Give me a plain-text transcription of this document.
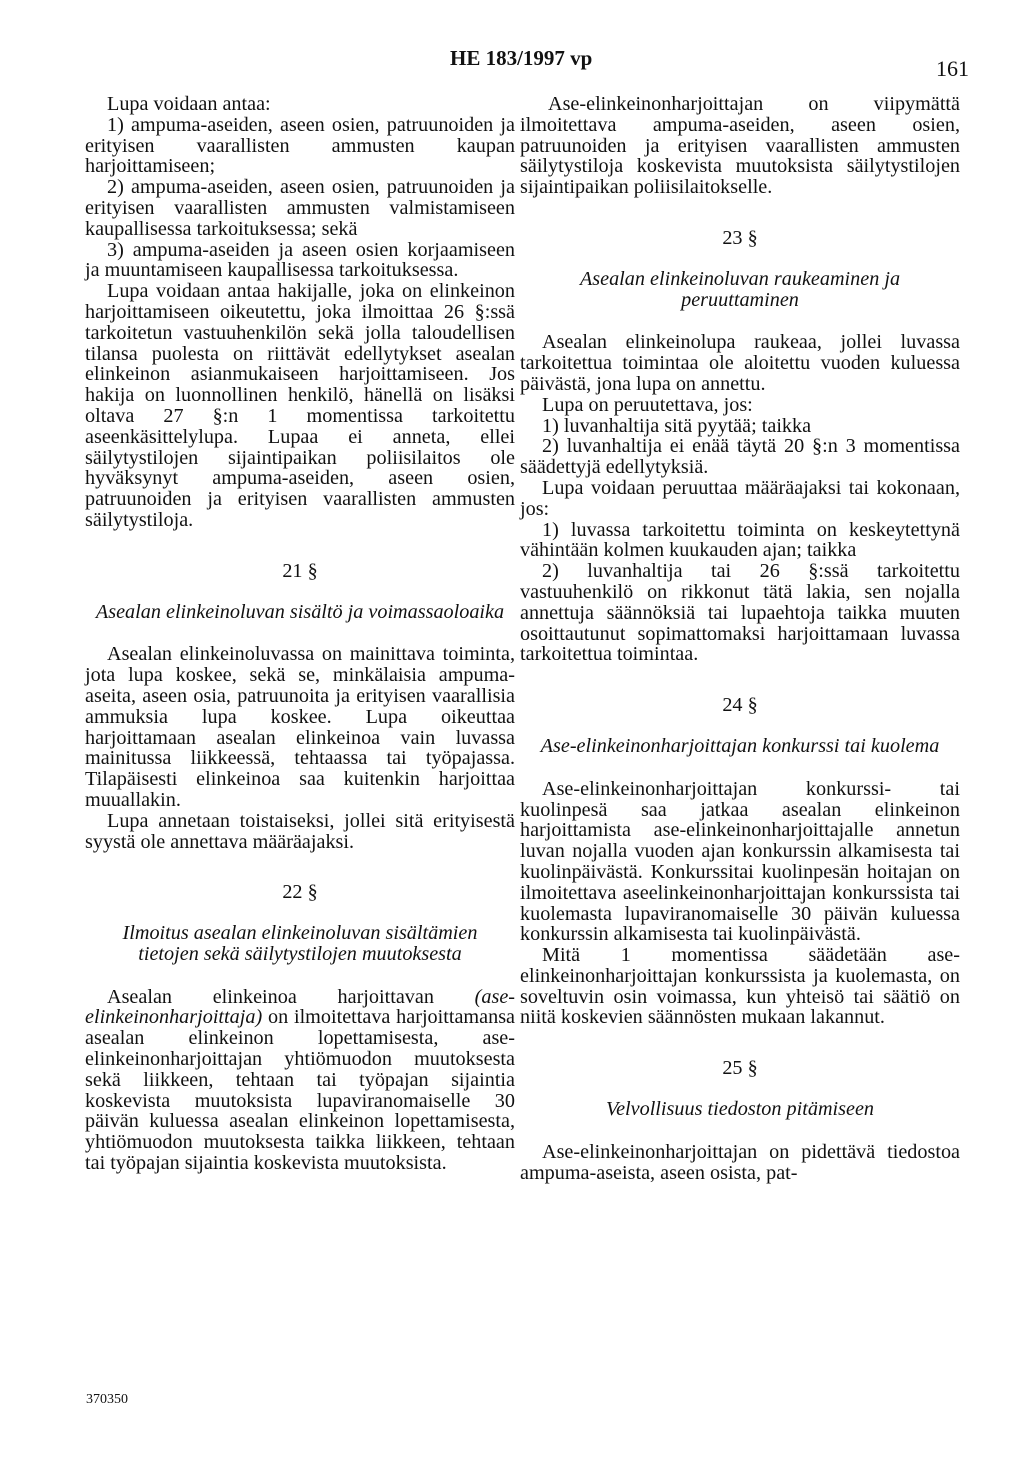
HE 183/1997 vp	161

Lupa voidaan antaa:

1) ampuma-aseiden, aseen osien, patruunoiden ja erityisen vaarallisten ammusten kaupan harjoittamiseen;

2) ampuma-aseiden, aseen osien, patruunoiden ja erityisen vaarallisten ammusten valmistamiseen kaupallisessa tarkoituksessa; sekä

3) ampuma-aseiden ja aseen osien korjaamiseen ja muuntamiseen kaupallisessa tarkoituksessa.

Lupa voidaan antaa hakijalle, joka on elinkeinon harjoittamiseen oikeutettu, joka ilmoittaa 26 §:ssä tarkoitetun vastuuhenkilön sekä jolla taloudellisen tilansa puolesta on riittävät edellytykset asealan elinkeinon asianmukaiseen harjoittamiseen. Jos hakija on luonnollinen henkilö, hänellä on lisäksi oltava 27 §:n 1 momentissa tarkoitettu aseenkäsittelylupa. Lupaa ei anneta, ellei säilytystilojen sijaintipaikan poliisilaitos ole hyväksynyt ampuma-aseiden, aseen osien, patruunoiden ja erityisen vaarallisten ammusten säilytystiloja.

21 §
Asealan elinkeinoluvan sisältö ja voimassaoloaika

Asealan elinkeinoluvassa on mainittava toiminta, jota lupa koskee, sekä se, minkälaisia ampuma-aseita, aseen osia, patruunoita ja erityisen vaarallisia ammuksia lupa koskee. Lupa oikeuttaa harjoittamaan asealan elinkeinoa vain luvassa mainitussa liikkeessä, tehtaassa tai työpajassa. Tilapäisesti elinkeinoa saa kuitenkin harjoittaa muuallakin.

Lupa annetaan toistaiseksi, jollei sitä erityisestä syystä ole annettava määräajaksi.

22 §
Ilmoitus asealan elinkeinoluvan sisältämien tietojen sekä säilytystilojen muutoksesta

Asealan elinkeinoa harjoittavan (ase-elinkeinonharjoittaja) on ilmoitettava harjoittamansa asealan elinkeinon lopettamisesta, ase-elinkeinonharjoittajan yhtiömuodon muutoksesta sekä liikkeen, tehtaan tai työpajan sijaintia koskevista muutoksista lupaviranomaiselle 30 päivän kuluessa asealan elinkeinon lopettamisesta, yhtiömuodon muutoksesta taikka liikkeen, tehtaan tai työpajan sijaintia koskevista muutoksista.

Ase-elinkeinonharjoittajan on viipymättä ilmoitettava ampuma-aseiden, aseen osien, patruunoiden ja erityisen vaarallisten ammusten säilytystiloja koskevista muutoksista säilytystilojen sijaintipaikan poliisilaitokselle.

23 §
Asealan elinkeinoluvan raukeaminen ja peruuttaminen

Asealan elinkeinolupa raukeaa, jollei luvassa tarkoitettua toimintaa ole aloitettu vuoden kuluessa päivästä, jona lupa on annettu.

Lupa on peruutettava, jos:

1) luvanhaltija sitä pyytää; taikka

2) luvanhaltija ei enää täytä 20 §:n 3 momentissa säädettyjä edellytyksiä.

Lupa voidaan peruuttaa määräajaksi tai kokonaan, jos:

1) luvassa tarkoitettu toiminta on keskeytettynä vähintään kolmen kuukauden ajan; taikka

2) luvanhaltija tai 26 §:ssä tarkoitettu vastuuhenkilö on rikkonut tätä lakia, sen nojalla annettuja säännöksiä tai lupaehtoja taikka muuten osoittautunut sopimattomaksi harjoittamaan luvassa tarkoitettua toimintaa.

24 §
Ase-elinkeinonharjoittajan konkurssi tai kuolema

Ase-elinkeinonharjoittajan konkurssi- tai kuolinpesä saa jatkaa asealan elinkeinon harjoittamista ase-elinkeinonharjoittajalle annetun luvan nojalla vuoden ajan konkurssin alkamisesta tai kuolinpäivästä. Konkurssitai kuolinpesän hoitajan on ilmoitettava aseelinkeinonharjoittajan konkurssista tai kuolemasta lupaviranomaiselle 30 päivän kuluessa konkurssin alkamisesta tai kuolinpäivästä.

Mitä 1 momentissa säädetään ase-elinkeinonharjoittajan konkurssista ja kuolemasta, on soveltuvin osin voimassa, kun yhteisö tai säätiö on niitä koskevien säännösten mukaan lakannut.

25 §
Velvollisuus tiedoston pitämiseen

Ase-elinkeinonharjoittajan on pidettävä tiedostoa ampuma-aseista, aseen osista, pat-

370350
